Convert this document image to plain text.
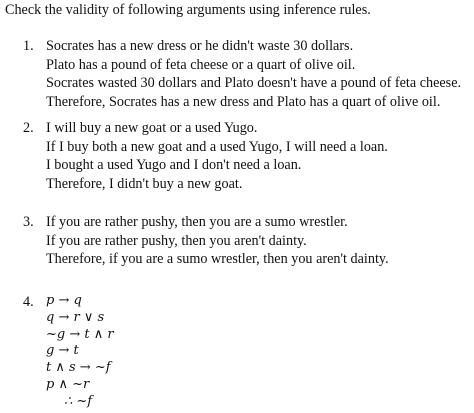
Check the validity of following arguments using inference rules.
1. Socrates has a new dress or he didn't waste 30 dollars.
Plato has a pound of feta cheese or a quart of olive oil.
Socrates wasted 30 dollars and Plato doesn't have a pound of feta cheese.
Therefore, Socrates has a new dress and Plato has a quart of olive oil.
2. I will buy a new goat or a used Yugo.
If I buy both a new goat and a used Yugo, I will need a loan.
I bought a used Yugo and I don't need a loan.
Therefore, I didn't buy a new goat.
3. If you are rather pushy, then you are a sumo wrestler.
If you are rather pushy, then you aren't dainty.
Therefore, if you are a sumo wrestler, then you aren't dainty.
4. p → q
q → r ∨ s
~g → t ∧ r
g → t
t ∧ s → ~f
p ∧ ~r
∴ ~f
